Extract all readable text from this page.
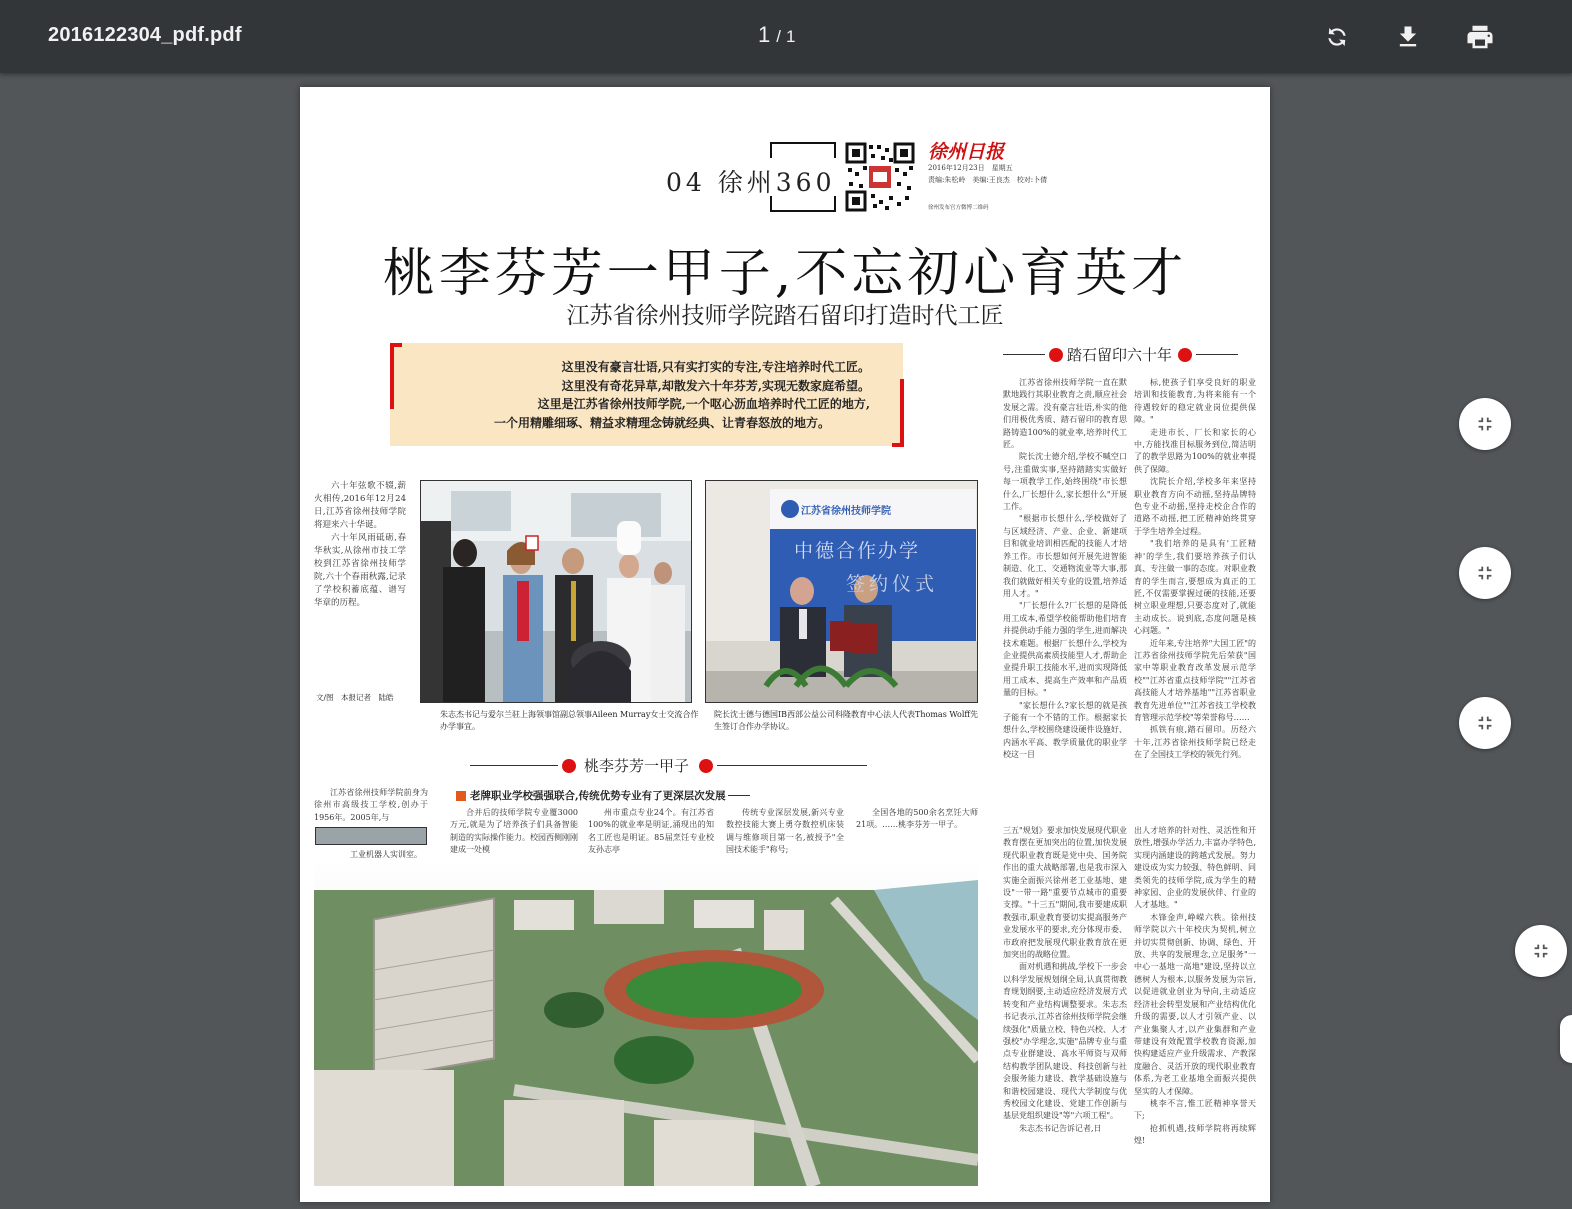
2016122304_pdf.pdf	1 / 1
04 徐州360
徐州日报
2016年12月23日　星期五
责编:朱松岭　美编:王良杰　校对:卜倩
徐州发布官方微博二维码
桃李芬芳一甲子,不忘初心育英才
江苏省徐州技师学院踏石留印打造时代工匠
这里没有豪言壮语,只有实打实的专注,专注培养时代工匠。
这里没有奇花异草,却散发六十年芬芳,实现无数家庭希望。
这里是江苏省徐州技师学院,一个呕心沥血培养时代工匠的地方,
一个用精雕细琢、精益求精理念铸就经典、让青春怒放的地方。
踏石留印六十年

六十年弦歌不辍,薪火相传,2016年12月24日,江苏省徐州技师学院将迎来六十华诞。

六十年风雨砥砺,春华秋实,从徐州市技工学校到江苏省徐州技师学院,六十个春雨秋露,记录了学校积蓄底蕴、谱写华章的历程。

文/图　本报记者　陆皓
朱志杰书记与爱尔兰驻上海领事馆副总领事Aileen Murray女士交流合作办学事宜。
江苏省徐州技师学院
中德合作办学
签约仪式
院长沈士德与德国IB西部公益公司科隆教育中心法人代表Thomas Wolff先生签订合作办学协议。

江苏省徐州技师学院一直在默默地践行其职业教育之责,顺应社会发展之需。没有豪言壮语,朴实的他们用极优秀质、踏石留印的教育思路铸造100%的就业率,培养时代工匠。

院长沈士德介绍,学校不喊空口号,注重做实事,坚持踏踏实实做好每一项教学工作,始终围绕"市长想什么,厂长想什么,家长想什么"开展工作。

"根据市长想什么,学校做好了与区域经济、产业、企业、新建项目和就业培训相匹配的技能人才培养工作。市长想如何开展先进智能制造、化工、交通物流业等大事,那我们就做好相关专业的设置,培养适用人才。"

"厂长想什么?厂长想的是降低用工成本,希望学校能帮助他们培育并提供动手能力强的学生,进而解决技术难题。根据厂长想什么,学校为企业提供高素质技能型人才,帮助企业提升职工技能水平,进而实现降低用工成本、提高生产效率和产品质量的目标。"

"家长想什么?家长想的就是孩子能有一个不错的工作。根据家长想什么,学校围绕建设硬件设施好、内涵水平高、教学质量优的职业学校这一目

标,使孩子们享受良好的职业培训和技能教育,为将来能有一个待遇较好的稳定就业岗位提供保障。"

走进市长、厂长和家长的心中,方能找准目标服务到位,简洁明了的教学思路为100%的就业率提供了保障。

沈院长介绍,学校多年来坚持职业教育方向不动摇,坚持品牌特色专业不动摇,坚持走校企合作的道路不动摇,把工匠精神始终贯穿于学生培养全过程。

"我们培养的是具有'工匠精神'的学生,我们要培养孩子们认真、专注做一事的态度。对职业教育的学生而言,要想成为真正的工匠,不仅需要掌握过硬的技能,还要树立职业理想,只要态度对了,就能主动成长。说到底,态度问题是核心问题。"

近年来,专注培养"大国工匠"的江苏省徐州技师学院先后荣获"国家中等职业教育改革发展示范学校""江苏省重点技师学院""江苏省高技能人才培养基地""江苏省职业教育先进单位""江苏省技工学校教育管理示范学校"等荣誉称号……

抓铁有痕,踏石留印。历经六十年,江苏省徐州技师学院已经走在了全国技工学校的领先行列。

桃李芬芳一甲子
老牌职业学校强强联合,传统优势专业有了更深层次发展

江苏省徐州技师学院前身为徐州市高级技工学校,创办于1956年。2005年,与

工业机器人实训室。

合并后的技师学院专业覆3000万元,就是为了培养孩子们具备智能制造的实际操作能力。校园西侧刚刚建成一处模

州市重点专业24个。有江苏省100%的就业率是明证,涌现出的知名工匠也是明证。85届烹饪专业校友孙志亭

传统专业深层发展,新兴专业数控技能大赛上勇夺数控机床装调与维修项目第一名,被授予"全国技术能手"称号;

全国各地的500余名烹饪大师21项。……桃李芬芳一甲子。

三五"规划》要求加快发展现代职业教育摆在更加突出的位置,加快发展现代职业教育既是党中央、国务院作出的重大战略部署,也是我市深入实施全面振兴徐州老工业基地、建设"一带一路"重要节点城市的重要支撑。"十三五"期间,我市要建成职教强市,职业教育要切实提高服务产业发展水平的要求,充分体现市委、市政府把发展现代职业教育放在更加突出的战略位置。

面对机遇和挑战,学校下一步会以科学发展规划纲全局,认真贯彻教育规划纲要,主动适应经济发展方式转变和产业结构调整要求。朱志杰书记表示,江苏省徐州技师学院会继续强化"质量立校、特色兴校、人才强校"办学理念,实施"品牌专业与重点专业群建设、高水平师资与双师结构教学团队建设、科技创新与社会服务能力建设、教学基础设施与和谐校园建设、现代大学制度与优秀校园文化建设、党建工作创新与基层党组织建设"等"六项工程"。

朱志杰书记告诉记者,日

出人才培养的针对性、灵活性和开放性,增强办学活力,丰富办学特色,实现内涵建设的跨越式发展。努力建设成为实力较强、特色鲜明、同类领先的技师学院,成为学生的精神家园、企业的发展伙伴、行业的人才基地。"

木锋金声,峥嵘六秩。徐州技师学院以六十年校庆为契机,树立并切实贯彻创新、协调、绿色、开放、共享的发展理念,立足服务"一中心一基地一高地"建设,坚持以立德树人为根本,以服务发展为宗旨,以促进就业创业为导向,主动适应经济社会转型发展和产业结构优化升级的需要,以人才引领产业、以产业集聚人才,以产业集群和产业带建设有效配置学校教育资源,加快构建适应产业升级需求、产教深度融合、灵活开放的现代职业教育体系,为老工业基地全面振兴提供坚实的人才保障。

桃李不言,惟工匠精神享誉天下;

抢抓机遇,技师学院将再续辉煌!
